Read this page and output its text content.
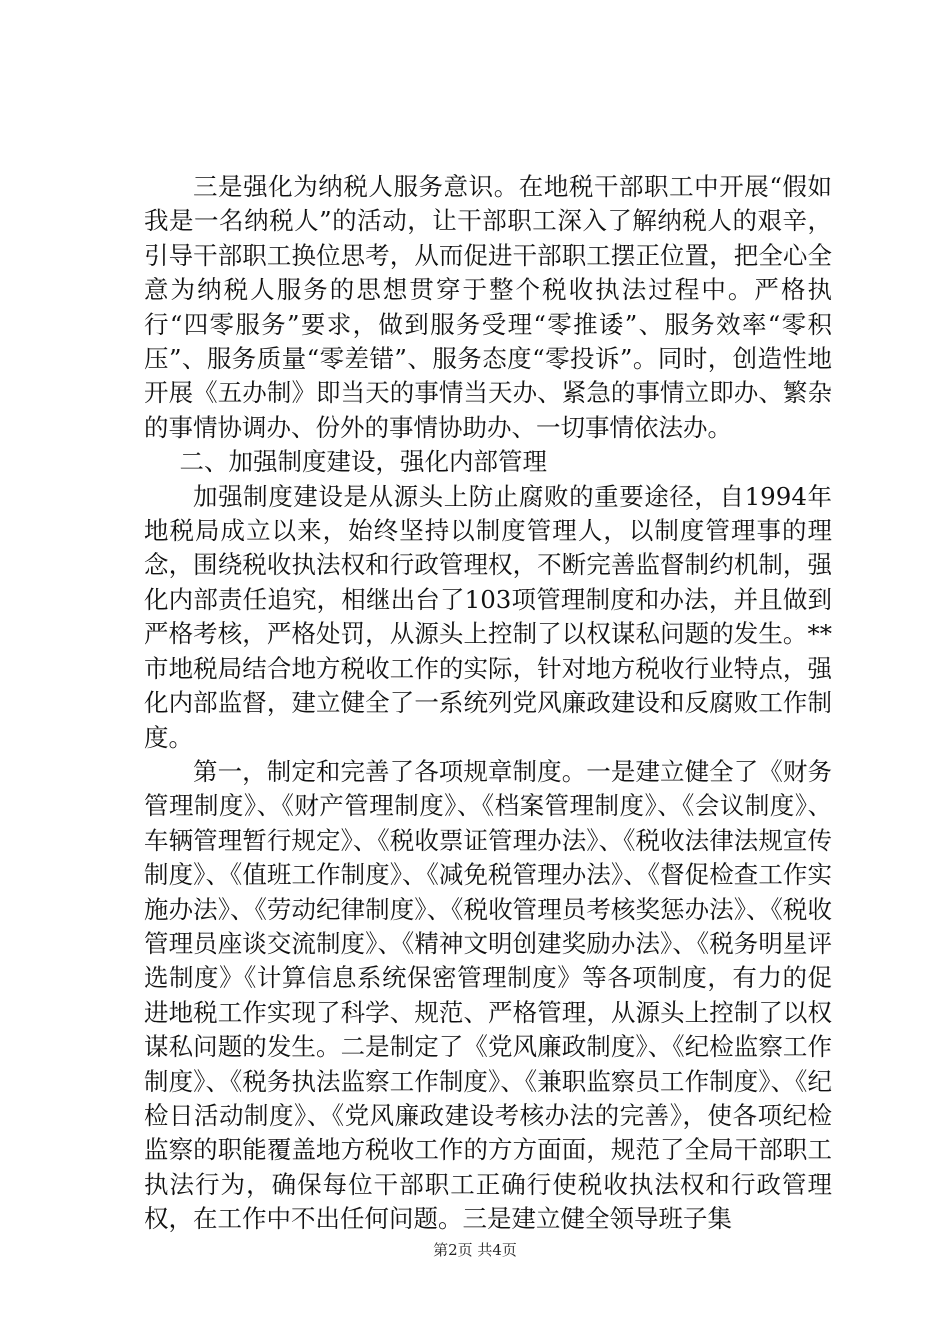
三是强化为纳税人服务意识。在地税干部职工中开展“假如我是一名纳税人”的活动，让干部职工深入了解纳税人的艰辛，引导干部职工换位思考，从而促进干部职工摆正位置，把全心全意为纳税人服务的思想贯穿于整个税收执法过程中。严格执行“四零服务”要求，做到服务受理“零推诿”、服务效率“零积压”、服务质量“零差错”、服务态度“零投诉”。同时，创造性地开展《五办制》即当天的事情当天办、紧急的事情立即办、繁杂的事情协调办、份外的事情协助办、一切事情依法办。

二、加强制度建设，强化内部管理

加强制度建设是从源头上防止腐败的重要途径，自1994年地税局成立以来，始终坚持以制度管理人，以制度管理事的理念，围绕税收执法权和行政管理权，不断完善监督制约机制，强化内部责任追究，相继出台了103项管理制度和办法，并且做到严格考核，严格处罚，从源头上控制了以权谋私问题的发生。**市地税局结合地方税收工作的实际，针对地方税收行业特点，强化内部监督，建立健全了一系统列党风廉政建设和反腐败工作制度。

第一，制定和完善了各项规章制度。一是建立健全了《财务管理制度》、《财产管理制度》、《档案管理制度》、《会议制度》、车辆管理暂行规定》、《税收票证管理办法》、《税收法律法规宣传制度》、《值班工作制度》、《减免税管理办法》、《督促检查工作实施办法》、《劳动纪律制度》、《税收管理员考核奖惩办法》、《税收管理员座谈交流制度》、《精神文明创建奖励办法》、《税务明星评选制度》《计算信息系统保密管理制度》等各项制度，有力的促进地税工作实现了科学、规范、严格管理，从源头上控制了以权谋私问题的发生。二是制定了《党风廉政制度》、《纪检监察工作制度》、《税务执法监察工作制度》、《兼职监察员工作制度》、《纪检日活动制度》、《党风廉政建设考核办法的完善》，使各项纪检监察的职能覆盖地方税收工作的方方面面，规范了全局干部职工执法行为，确保每位干部职工正确行使税收执法权和行政管理权，在工作中不出任何问题。三是建立健全领导班子集

第2页 共4页
